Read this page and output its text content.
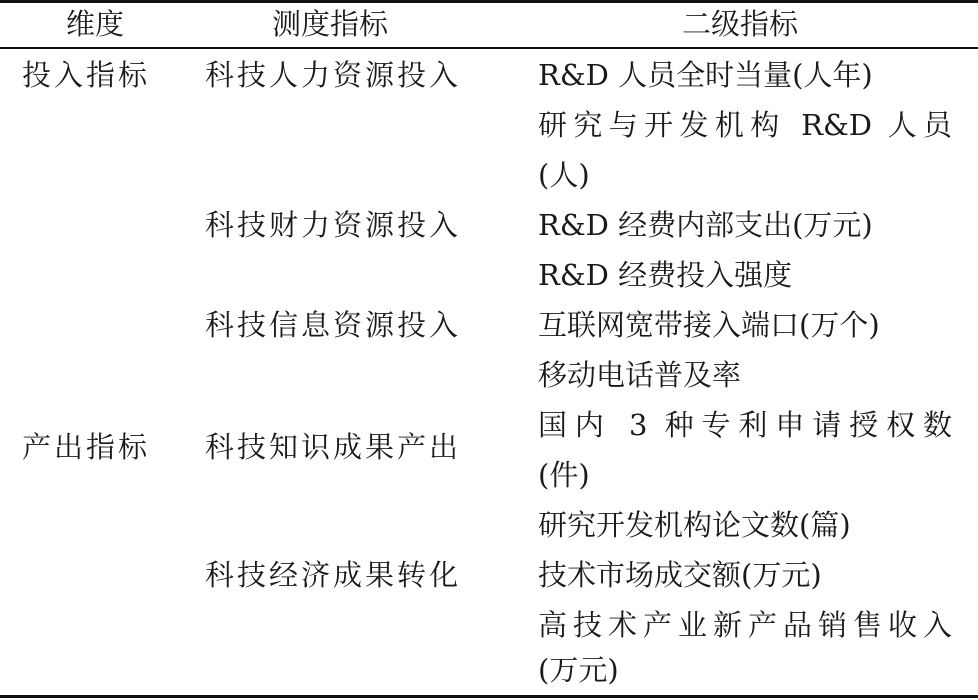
维度	测度指标	二级指标
投入指标
产出指标
科技人力资源投入
科技财力资源投入
科技信息资源投入
科技知识成果产出
科技经济成果转化
R&D 人员全时当量(人年)
研究与开发机构 R&D 人员
(人)
R&D 经费内部支出(万元)
R&D 经费投入强度
互联网宽带接入端口(万个)
移动电话普及率
国内 3 种专利申请授权数
(件)
研究开发机构论文数(篇)
技术市场成交额(万元)
高技术产业新产品销售收入
(万元)
